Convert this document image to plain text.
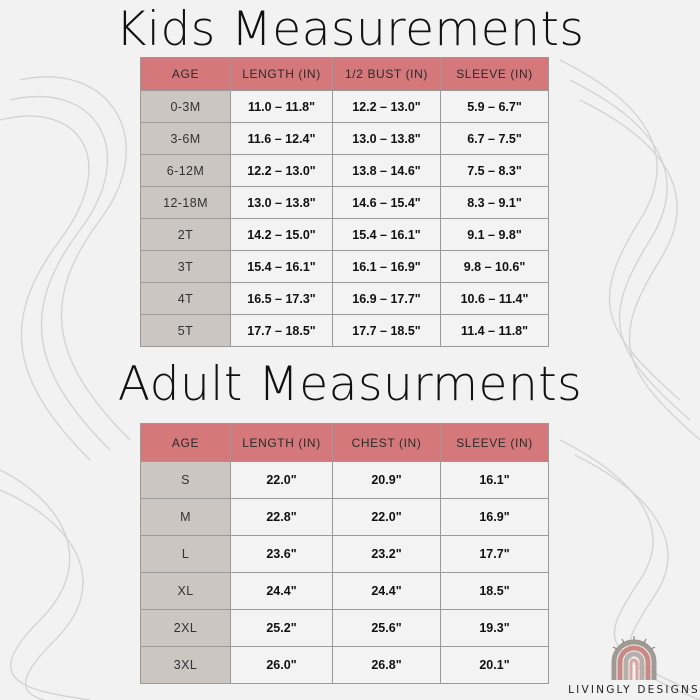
Kids Measurements
AGE	LENGTH (IN)	1/2 BUST (IN)	SLEEVE (IN)
0-3M	11.0 – 11.8"	12.2 – 13.0"	5.9 – 6.7"
3-6M	11.6 – 12.4"	13.0 – 13.8"	6.7 – 7.5"
6-12M	12.2 – 13.0"	13.8 – 14.6"	7.5 – 8.3"
12-18M	13.0 – 13.8"	14.6 – 15.4"	8.3 – 9.1"
2T	14.2 – 15.0"	15.4 – 16.1"	9.1 – 9.8"
3T	15.4 – 16.1"	16.1 – 16.9"	9.8 – 10.6"
4T	16.5 – 17.3"	16.9 – 17.7"	10.6 – 11.4"
5T	17.7 – 18.5"	17.7 – 18.5"	11.4 – 11.8"
Adult Measurments
AGE	LENGTH (IN)	CHEST (IN)	SLEEVE (IN)
S	22.0"	20.9"	16.1"
M	22.8"	22.0"	16.9"
L	23.6"	23.2"	17.7"
XL	24.4"	24.4"	18.5"
2XL	25.2"	25.6"	19.3"
3XL	26.0"	26.8"	20.1"
LIVINGLY DESIGNS
